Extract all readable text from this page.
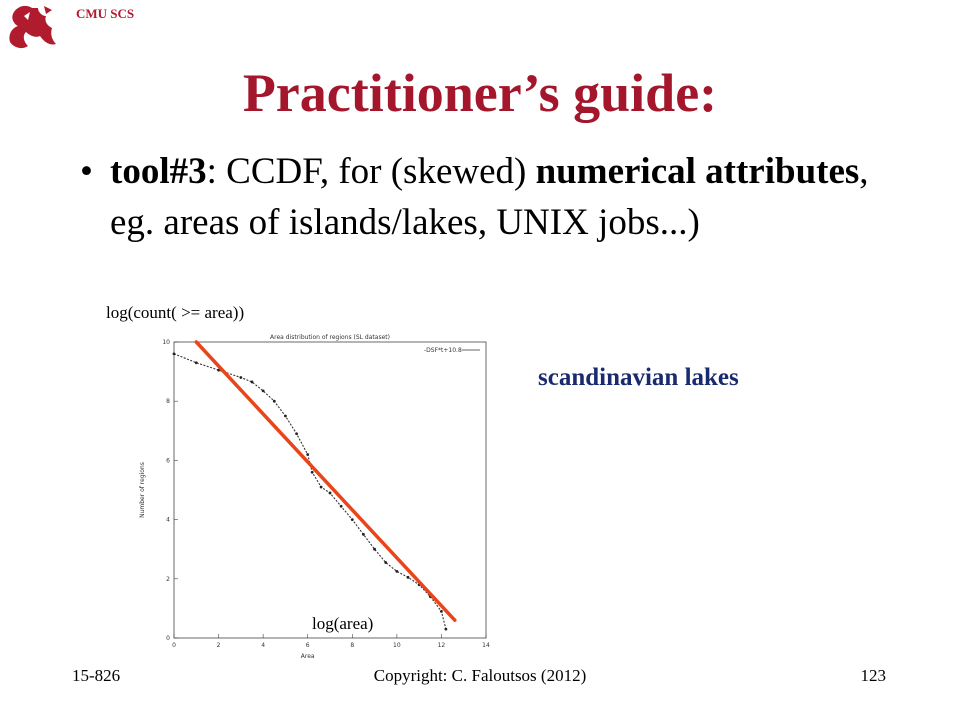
CMU SCS
Practitioner’s guide:
• tool#3: CCDF, for (skewed) numerical attributes, eg. areas of islands/lakes, UNIX jobs...)
log(count( >= area))
0	2	4	6	8	10	12	14
0
2
4
6
8
10
Area distribution of regions (SL dataset)
-DSF*t+10.8
Area
Number of regions
scandinavian lakes
log(area)
15-826	Copyright: C. Faloutsos (2012)	123
